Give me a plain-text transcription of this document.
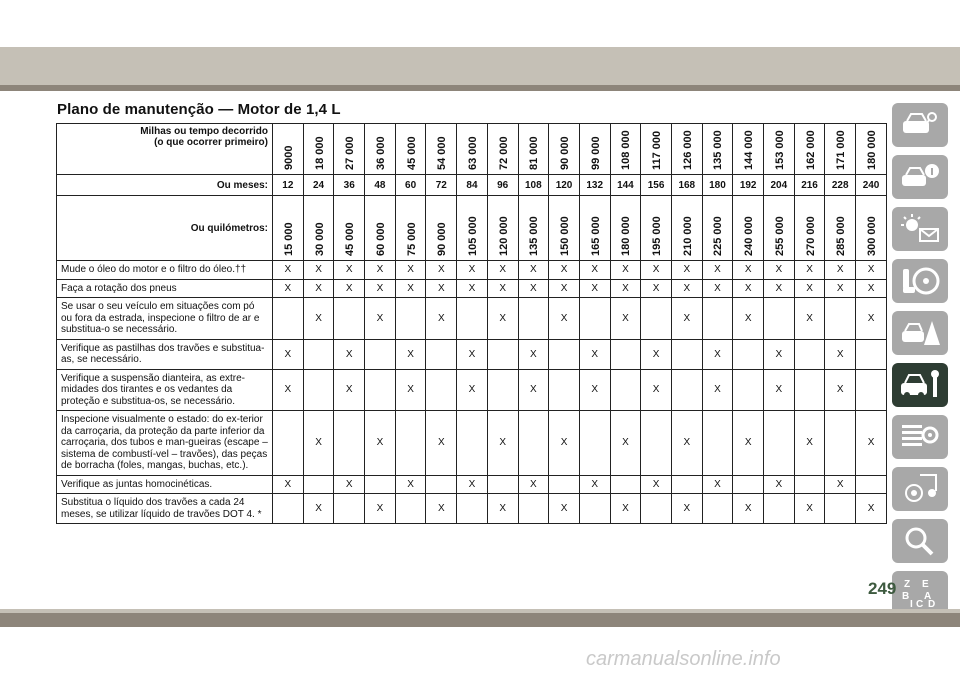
Plano de manutenção — Motor de 1,4 L
Milhas ou tempo decorrido
(o que ocorrer primeiro)	9000	18 000	27 000	36 000	45 000	54 000	63 000	72 000	81 000	90 000	99 000	108 000	117 000	126 000	135 000	144 000	153 000	162 000	171 000	180 000

Ou meses:	12	24	36	48	60	72	84	96	108	120	132	144	156	168	180	192	204	216	228	240
Ou quilómetros:	15 000	30 000	45 000	60 000	75 000	90 000	105 000	120 000	135 000	150 000	165 000	180 000	195 000	210 000	225 000	240 000	255 000	270 000	285 000	300 000

Mude o óleo do motor e o filtro do óleo.††	X	X	X	X	X	X	X	X	X	X	X	X	X	X	X	X	X	X	X	X
Faça a rotação dos pneus	X	X	X	X	X	X	X	X	X	X	X	X	X	X	X	X	X	X	X	X
Se usar o seu veículo em situações com pó ou fora da estrada, inspecione o filtro de ar e substitua-o se necessário.		X		X		X		X		X		X		X		X		X		X
Verifique as pastilhas dos travões e substitua-as, se necessário.	X		X		X		X		X		X		X		X		X		X	
Verifique a suspensão dianteira, as extre-midades dos tirantes e os vedantes da proteção e substitua-os, se necessário.	X		X		X		X		X		X		X		X		X		X	
Inspecione visualmente o estado: do ex-terior da carroçaria, da proteção da parte inferior da carroçaria, dos tubos e man-gueiras (escape – sistema de combustí-vel – travões), das peças de borracha (foles, mangas, buchas, etc.).		X		X		X		X		X		X		X		X		X		X
Verifique as juntas homocinéticas.	X		X		X		X		X		X		X		X		X		X	
Substitua o líquido dos travões a cada 24 meses, se utilizar líquido de travões DOT 4. *		X		X		X		X		X		X		X		X		X		X
Z E
B A
I C D
249
carmanualsonline.info
